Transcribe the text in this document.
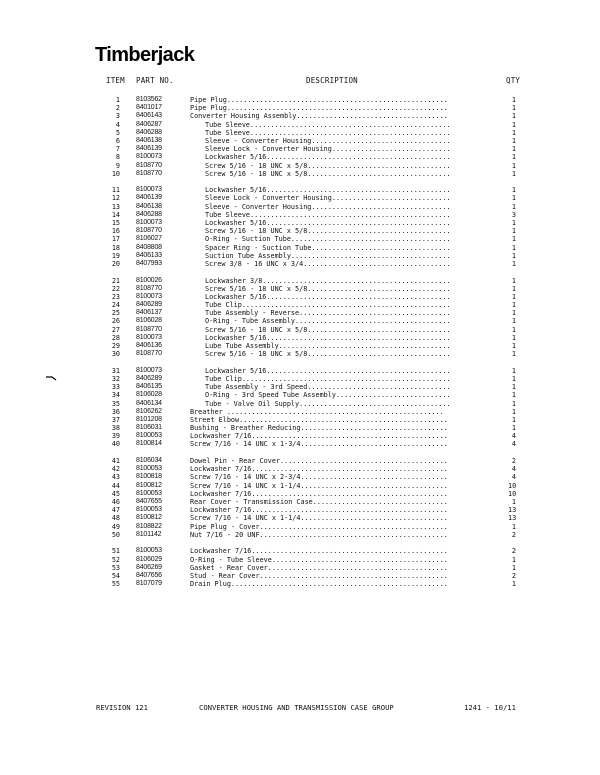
Timberjack
ITEM PART NO.	DESCRIPTION	QTY
1 8103562	Pipe Plug......................................................	1
2 8401017	Pipe Plug......................................................	1
3 8406143	Converter Housing Assembly.....................................	1
4 8406287	Tube Sleeve.................................................	1
5 8406288	Tube Sleeve.................................................	1
6 8406138	Sleeve - Converter Housing..................................	1
7 8406139	Sleeve Lock - Converter Housing.............................	1
8 8100073	Lockwasher 5/16.............................................	1
9 8108770	Screw 5/16 - 18 UNC x 5/8...................................	1
10 8108770	Screw 5/16 - 18 UNC x 5/8...................................	1
11 8100073	Lockwasher 5/16.............................................	1
12 8406139	Sleeve Lock - Converter Housing.............................	1
13 8406138	Sleeve - Converter Housing..................................	1
14 8406288	Tube Sleeve.................................................	3
15 8100073	Lockwasher 5/16.............................................	1
16 8108770	Screw 5/16 - 18 UNC x 5/8...................................	1
17 8106027	O-Ring - Suction Tube.......................................	1
18 8408808	Spacer Ring - Suction Tube..................................	1
19 8406133	Suction Tube Assembly.......................................	1
20 8407993	Screw 3/8 - 16 UNC x 3/4....................................	1
21 8100026	Lockwasher 3/8..............................................	1
22 8108770	Screw 5/16 - 18 UNC x 5/8...................................	1
23 8100073	Lockwasher 5/16.............................................	1
24 8406289	Tube Clip...................................................	1
25 8406137	Tube Assembly - Reverse.....................................	1
26 8106028	O-Ring - Tube Assembly......................................	1
27 8108770	Screw 5/16 - 18 UNC x 5/8...................................	1
28 8100073	Lockwasher 5/16.............................................	1
29 8406136	Lube Tube Assembly..........................................	1
30 8108770	Screw 5/16 - 18 UNC x 5/8...................................	1
31 8100073	Lockwasher 5/16.............................................	1
32 8406289	Tube Clip...................................................	1
33 8406135	Tube Assembly - 3rd Speed...................................	1
34 8106028	O-Ring - 3rd Speed Tube Assembly............................	1
35 8406134	Tube - Valve Oil Supply.....................................	1
36 8106262	Breather .....................................................	1
37 8101208	Street Elbow...................................................	1
38 8106031	Bushing - Breather Reducing....................................	1
39 8100053	Lockwasher 7/16................................................	4
40 8100814	Screw 7/16 - 14 UNC x 1-3/4....................................	4
41 8106034	Dowel Pin - Rear Cover.........................................	2
42 8100053	Lockwasher 7/16................................................	4
43 8100818	Screw 7/16 - 14 UNC x 2-3/4....................................	4
44 8100812	Screw 7/16 - 14 UNC x 1-1/4....................................	10
45 8100053	Lockwasher 7/16................................................	10
46 8407655	Rear Cover - Transmission Case.................................	1
47 8100053	Lockwasher 7/16................................................	13
48 8100812	Screw 7/16 - 14 UNC x 1-1/4....................................	13
49 8108822	Pipe Plug - Cover..............................................	1
50 8101142	Nut 7/16 - 20 UNF..............................................	2
51 8100053	Lockwasher 7/16................................................	2
52 8106029	O-Ring - Tube Sleeve...........................................	1
53 8406269	Gasket - Rear Cover............................................	1
54 8407656	Stud - Rear Cover..............................................	2
55 8107079	Drain Plug.....................................................	1
REVISION 121	CONVERTER HOUSING AND TRANSMISSION CASE GROUP	1241 - 10/11
